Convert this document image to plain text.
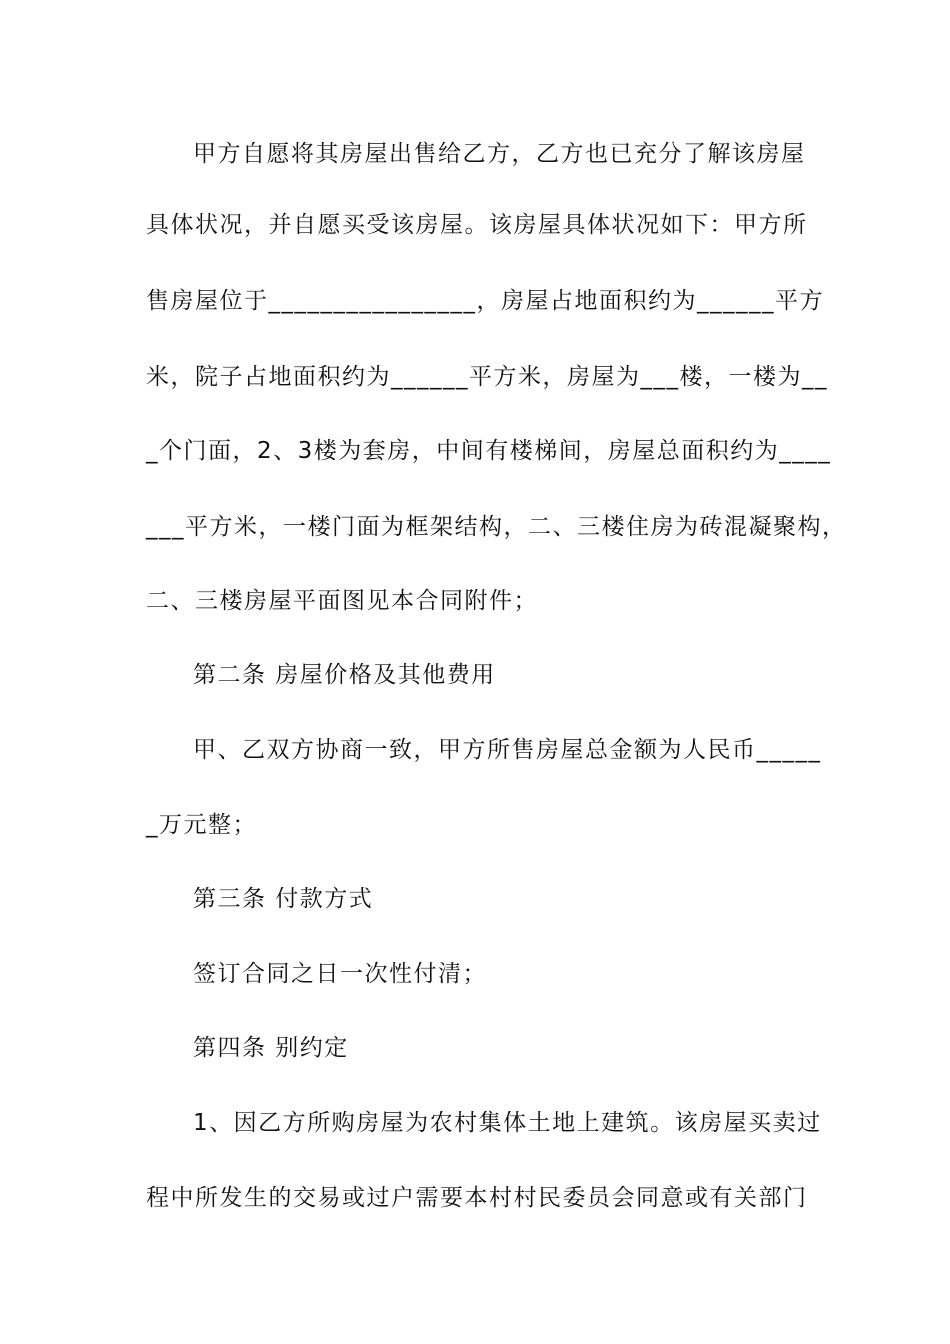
甲方自愿将其房屋出售给乙方，乙方也已充分了解该房屋
具体状况，并自愿买受该房屋。该房屋具体状况如下：甲方所
售房屋位于________________，房屋占地面积约为______平方
米，院子占地面积约为______平方米，房屋为___楼，一楼为__
_个门面，2、3楼为套房，中间有楼梯间，房屋总面积约为____
___平方米，一楼门面为框架结构，二、三楼住房为砖混凝聚构，
二、三楼房屋平面图见本合同附件；
第二条 房屋价格及其他费用
甲、乙双方协商一致，甲方所售房屋总金额为人民币_____
_万元整；
第三条 付款方式
签订合同之日一次性付清；
第四条 别约定
1、因乙方所购房屋为农村集体土地上建筑。该房屋买卖过
程中所发生的交易或过户需要本村村民委员会同意或有关部门
